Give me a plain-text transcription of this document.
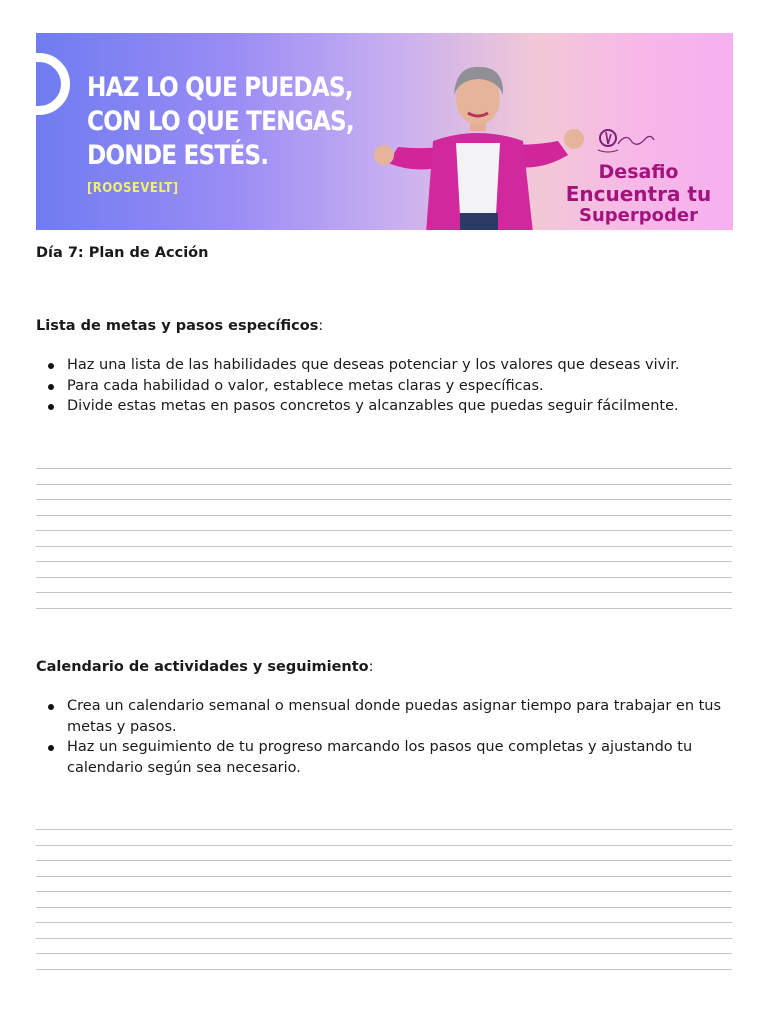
HAZ LO QUE PUEDAS,
CON LO QUE TENGAS,
DONDE ESTÉS.
[ROOSEVELT]
Desafio
Encuentra tu
Superpoder
Día 7: Plan de Acción
Lista de metas y pasos específicos:
Haz una lista de las habilidades que deseas potenciar y los valores que deseas vivir.
Para cada habilidad o valor, establece metas claras y específicas.
Divide estas metas en pasos concretos y alcanzables que puedas seguir fácilmente.
Calendario de actividades y seguimiento:
Crea un calendario semanal o mensual donde puedas asignar tiempo para trabajar en tus metas y pasos.
Haz un seguimiento de tu progreso marcando los pasos que completas y ajustando tu calendario según sea necesario.
